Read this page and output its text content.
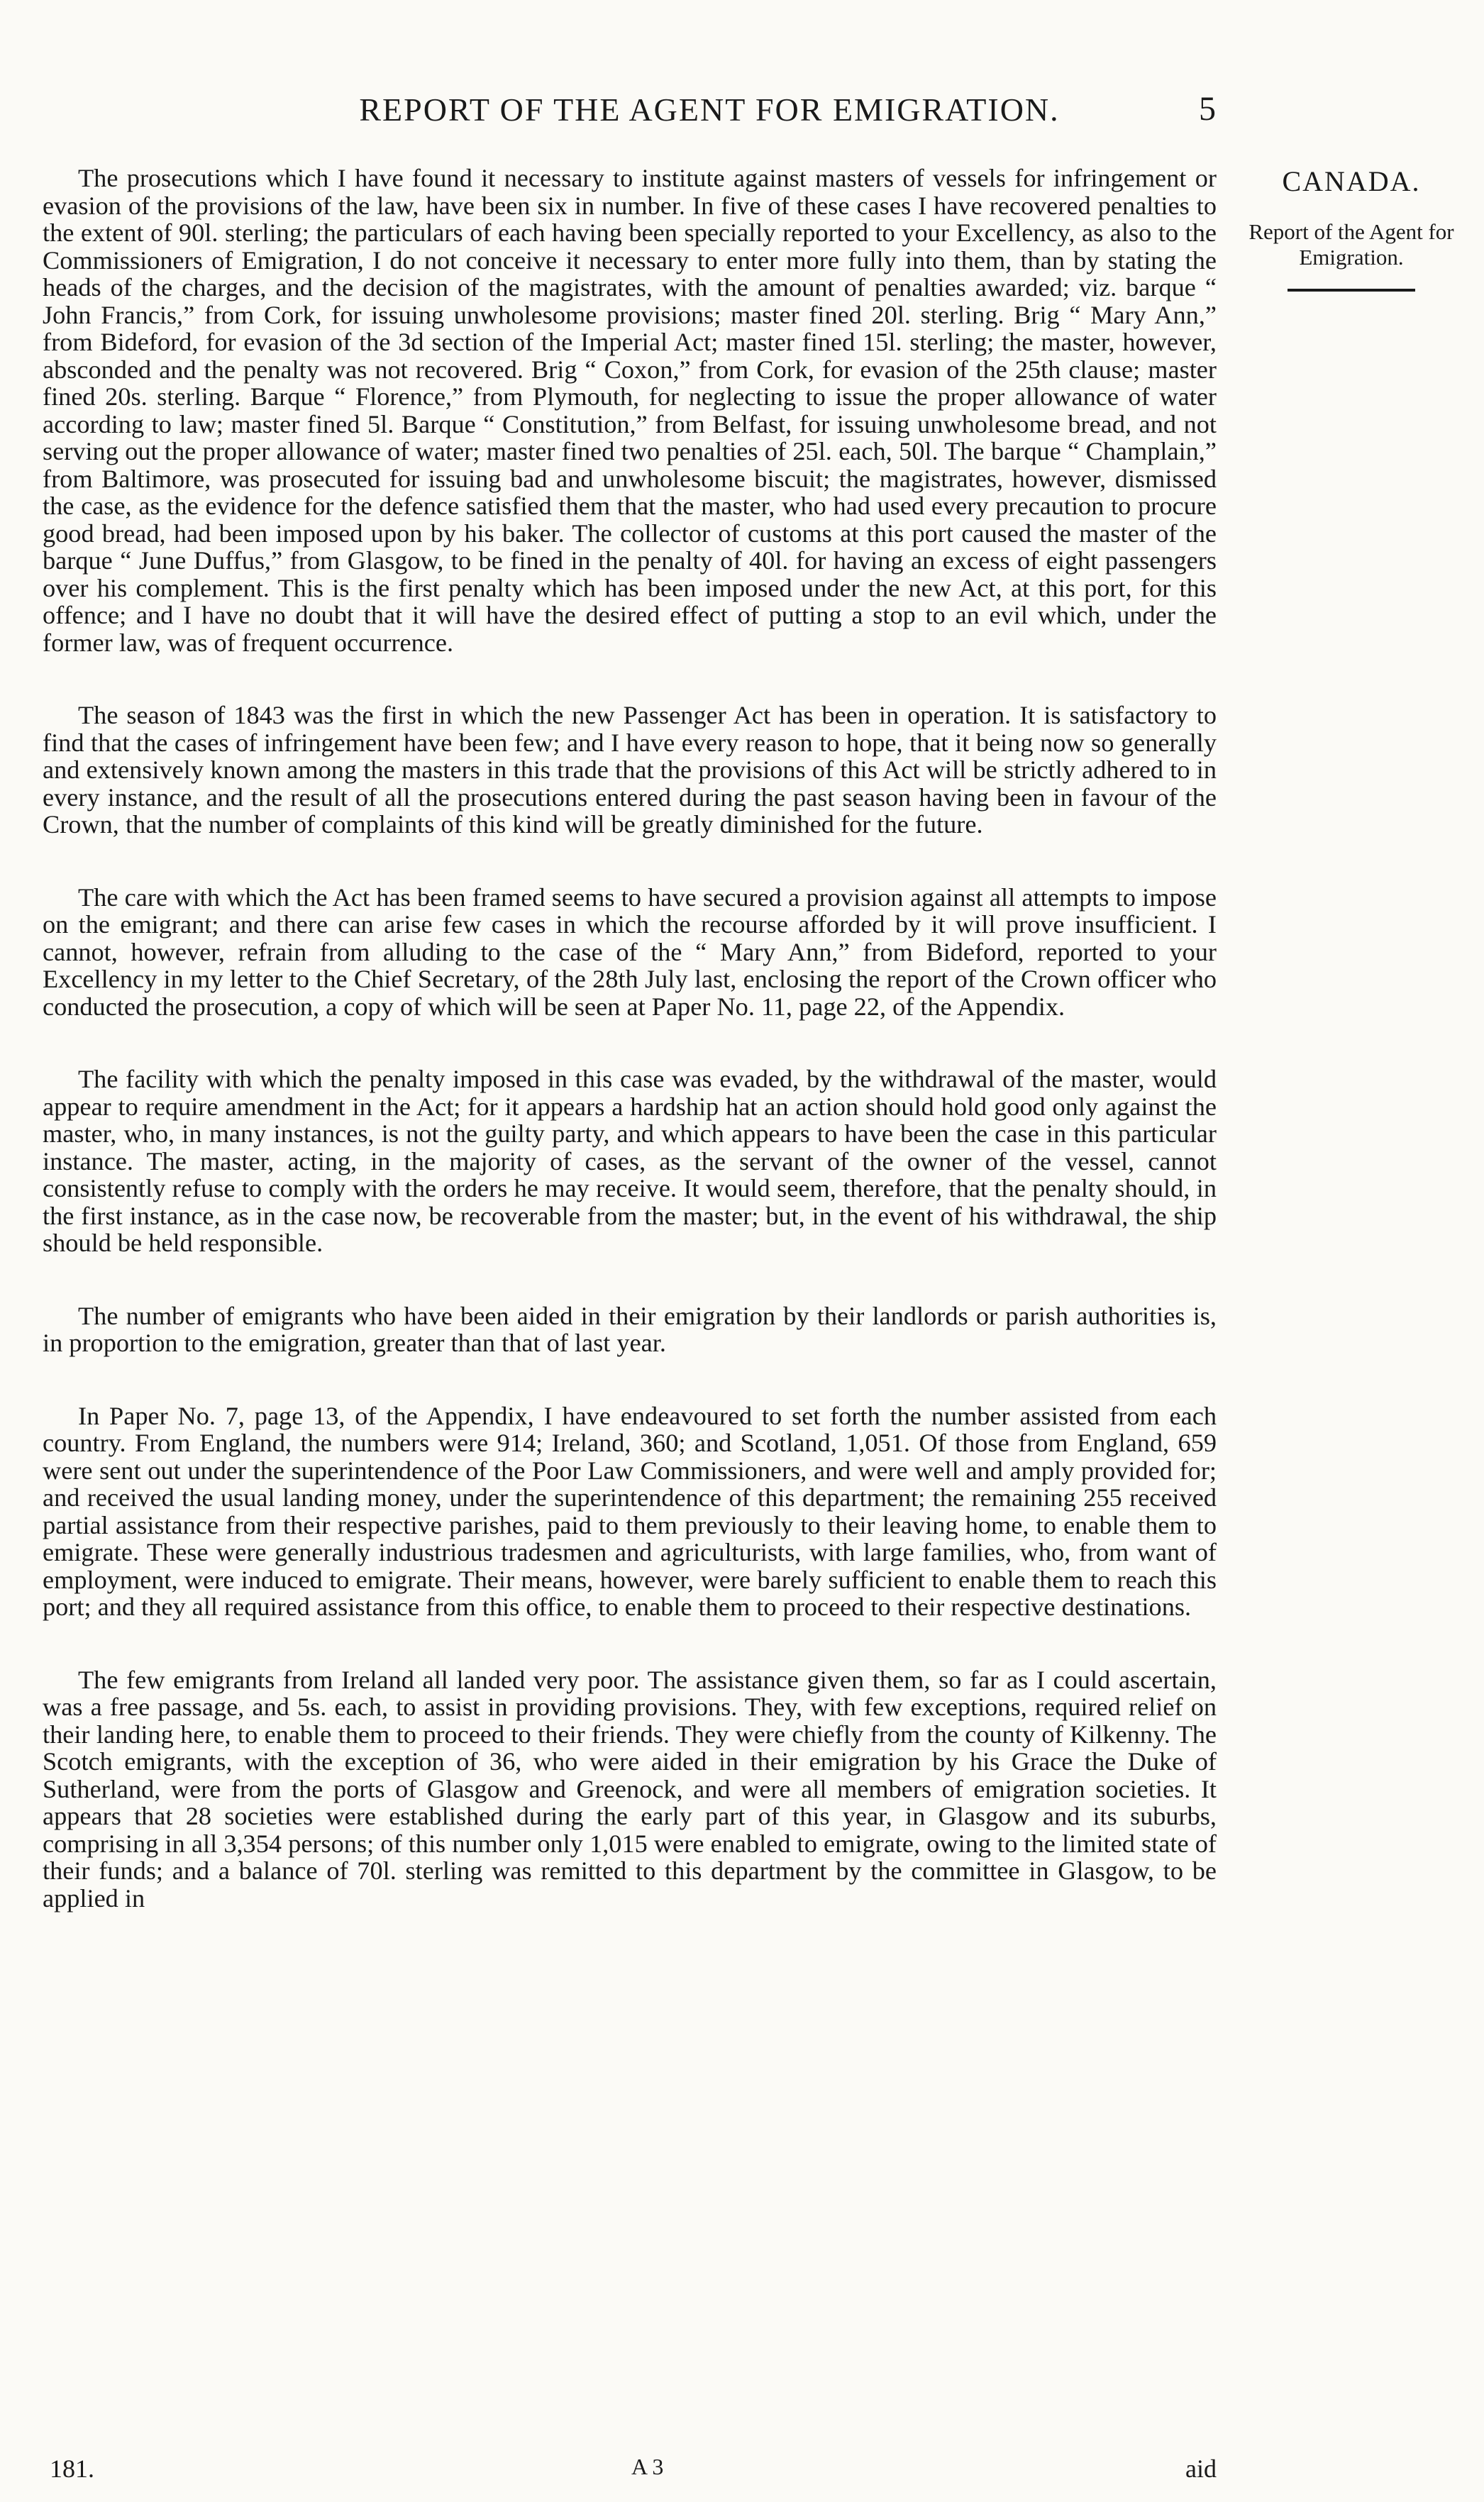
REPORT OF THE AGENT FOR EMIGRATION.	5
CANADA.
Report of the Agent for Emigration.

The prosecutions which I have found it necessary to institute against masters of vessels for infringement or evasion of the provisions of the law, have been six in number. In five of these cases I have recovered penalties to the extent of 90l. sterling; the particulars of each having been specially reported to your Excellency, as also to the Commissioners of Emigration, I do not conceive it necessary to enter more fully into them, than by stating the heads of the charges, and the decision of the magistrates, with the amount of penalties awarded; viz. barque “ John Francis,” from Cork, for issuing unwholesome provisions; master fined 20l. sterling. Brig “ Mary Ann,” from Bideford, for evasion of the 3d section of the Imperial Act; master fined 15l. sterling; the master, however, absconded and the penalty was not recovered. Brig “ Coxon,” from Cork, for evasion of the 25th clause; master fined 20s. sterling. Barque “ Florence,” from Plymouth, for neglecting to issue the proper allowance of water according to law; master fined 5l. Barque “ Constitution,” from Belfast, for issuing unwholesome bread, and not serving out the proper allowance of water; master fined two penalties of 25l. each, 50l. The barque “ Champlain,” from Baltimore, was prosecuted for issuing bad and unwholesome biscuit; the magistrates, however, dismissed the case, as the evidence for the defence satisfied them that the master, who had used every precaution to procure good bread, had been imposed upon by his baker. The collector of customs at this port caused the master of the barque “ June Duffus,” from Glasgow, to be fined in the penalty of 40l. for having an excess of eight passengers over his complement. This is the first penalty which has been imposed under the new Act, at this port, for this offence; and I have no doubt that it will have the desired effect of putting a stop to an evil which, under the former law, was of frequent occurrence.

The season of 1843 was the first in which the new Passenger Act has been in operation. It is satisfactory to find that the cases of infringement have been few; and I have every reason to hope, that it being now so generally and extensively known among the masters in this trade that the provisions of this Act will be strictly adhered to in every instance, and the result of all the prosecutions entered during the past season having been in favour of the Crown, that the number of complaints of this kind will be greatly diminished for the future.

The care with which the Act has been framed seems to have secured a provision against all attempts to impose on the emigrant; and there can arise few cases in which the recourse afforded by it will prove insufficient. I cannot, however, refrain from alluding to the case of the “ Mary Ann,” from Bideford, reported to your Excellency in my letter to the Chief Secretary, of the 28th July last, enclosing the report of the Crown officer who conducted the prosecution, a copy of which will be seen at Paper No. 11, page 22, of the Appendix.

The facility with which the penalty imposed in this case was evaded, by the withdrawal of the master, would appear to require amendment in the Act; for it appears a hardship hat an action should hold good only against the master, who, in many instances, is not the guilty party, and which appears to have been the case in this particular instance. The master, acting, in the majority of cases, as the servant of the owner of the vessel, cannot consistently refuse to comply with the orders he may receive. It would seem, therefore, that the penalty should, in the first instance, as in the case now, be recoverable from the master; but, in the event of his withdrawal, the ship should be held responsible.

The number of emigrants who have been aided in their emigration by their landlords or parish authorities is, in proportion to the emigration, greater than that of last year.

In Paper No. 7, page 13, of the Appendix, I have endeavoured to set forth the number assisted from each country. From England, the numbers were 914; Ireland, 360; and Scotland, 1,051. Of those from England, 659 were sent out under the superintendence of the Poor Law Commissioners, and were well and amply provided for; and received the usual landing money, under the superintendence of this department; the remaining 255 received partial assistance from their respective parishes, paid to them previously to their leaving home, to enable them to emigrate. These were generally industrious tradesmen and agriculturists, with large families, who, from want of employment, were induced to emigrate. Their means, however, were barely sufficient to enable them to reach this port; and they all required assistance from this office, to enable them to proceed to their respective destinations.

The few emigrants from Ireland all landed very poor. The assistance given them, so far as I could ascertain, was a free passage, and 5s. each, to assist in providing provisions. They, with few exceptions, required relief on their landing here, to enable them to proceed to their friends. They were chiefly from the county of Kilkenny. The Scotch emigrants, with the exception of 36, who were aided in their emigration by his Grace the Duke of Sutherland, were from the ports of Glasgow and Greenock, and were all members of emigration societies. It appears that 28 societies were established during the early part of this year, in Glasgow and its suburbs, comprising in all 3,354 persons; of this number only 1,015 were enabled to emigrate, owing to the limited state of their funds; and a balance of 70l. sterling was remitted to this department by the committee in Glasgow, to be applied in

181.	A 3	aid
